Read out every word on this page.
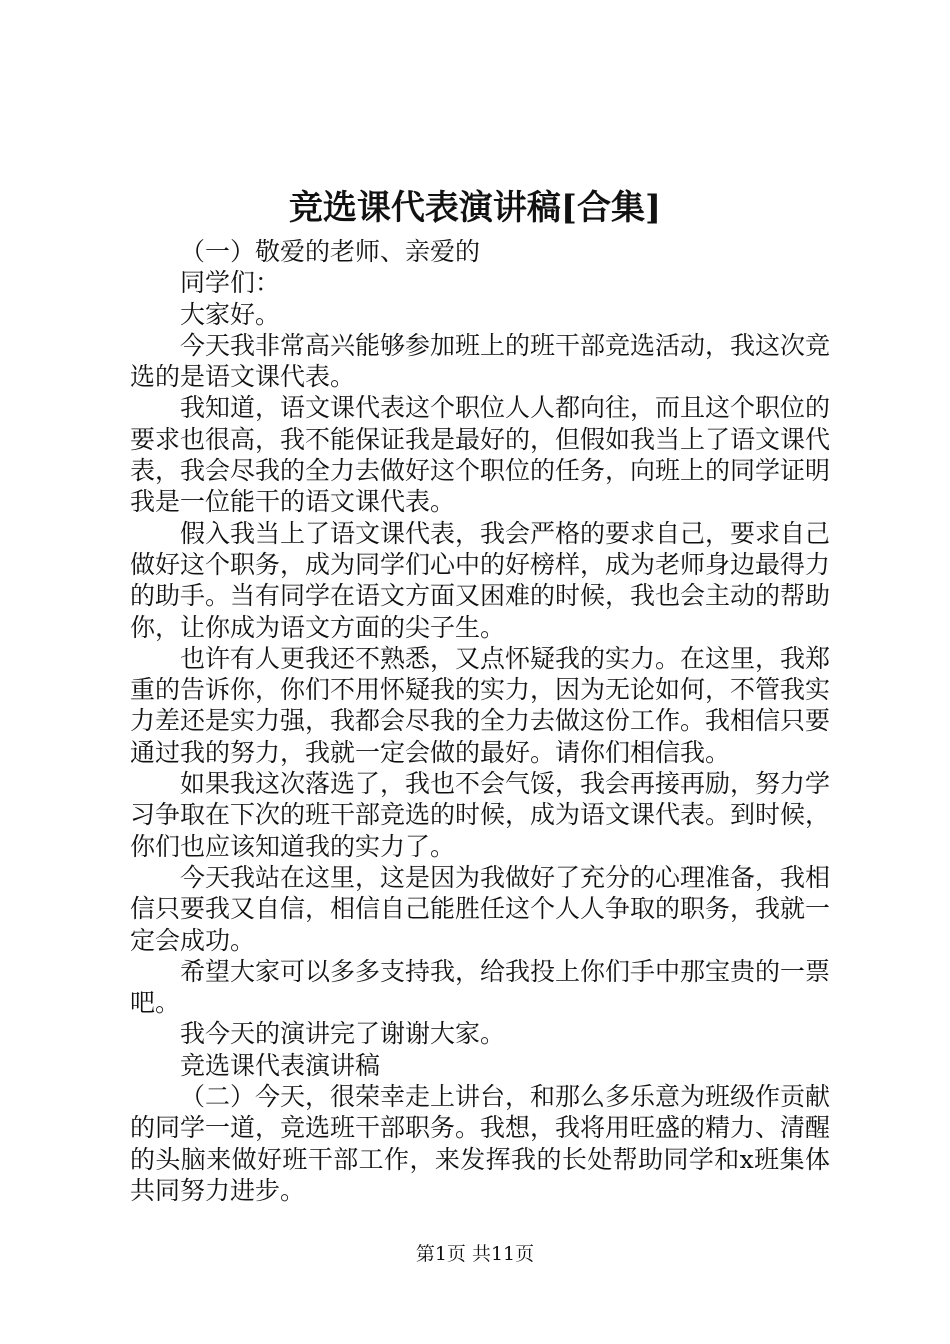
竞选课代表演讲稿[合集]

（一）敬爱的老师、亲爱的

同学们：

大家好。

今天我非常高兴能够参加班上的班干部竞选活动，我这次竞选的是语文课代表。

我知道，语文课代表这个职位人人都向往，而且这个职位的要求也很高，我不能保证我是最好的，但假如我当上了语文课代表，我会尽我的全力去做好这个职位的任务，向班上的同学证明我是一位能干的语文课代表。

假入我当上了语文课代表，我会严格的要求自己，要求自己做好这个职务，成为同学们心中的好榜样，成为老师身边最得力的助手。当有同学在语文方面又困难的时候，我也会主动的帮助你，让你成为语文方面的尖子生。

也许有人更我还不熟悉，又点怀疑我的实力。在这里，我郑重的告诉你，你们不用怀疑我的实力，因为无论如何，不管我实力差还是实力强，我都会尽我的全力去做这份工作。我相信只要通过我的努力，我就一定会做的最好。请你们相信我。

如果我这次落选了，我也不会气馁，我会再接再励，努力学习争取在下次的班干部竞选的时候，成为语文课代表。到时候，你们也应该知道我的实力了。

今天我站在这里，这是因为我做好了充分的心理准备，我相信只要我又自信，相信自己能胜任这个人人争取的职务，我就一定会成功。

希望大家可以多多支持我，给我投上你们手中那宝贵的一票吧。

我今天的演讲完了谢谢大家。

竞选课代表演讲稿

（二）今天，很荣幸走上讲台，和那么多乐意为班级作贡献的同学一道，竞选班干部职务。我想，我将用旺盛的精力、清醒的头脑来做好班干部工作，来发挥我的长处帮助同学和x班集体共同努力进步。

第1页 共11页
